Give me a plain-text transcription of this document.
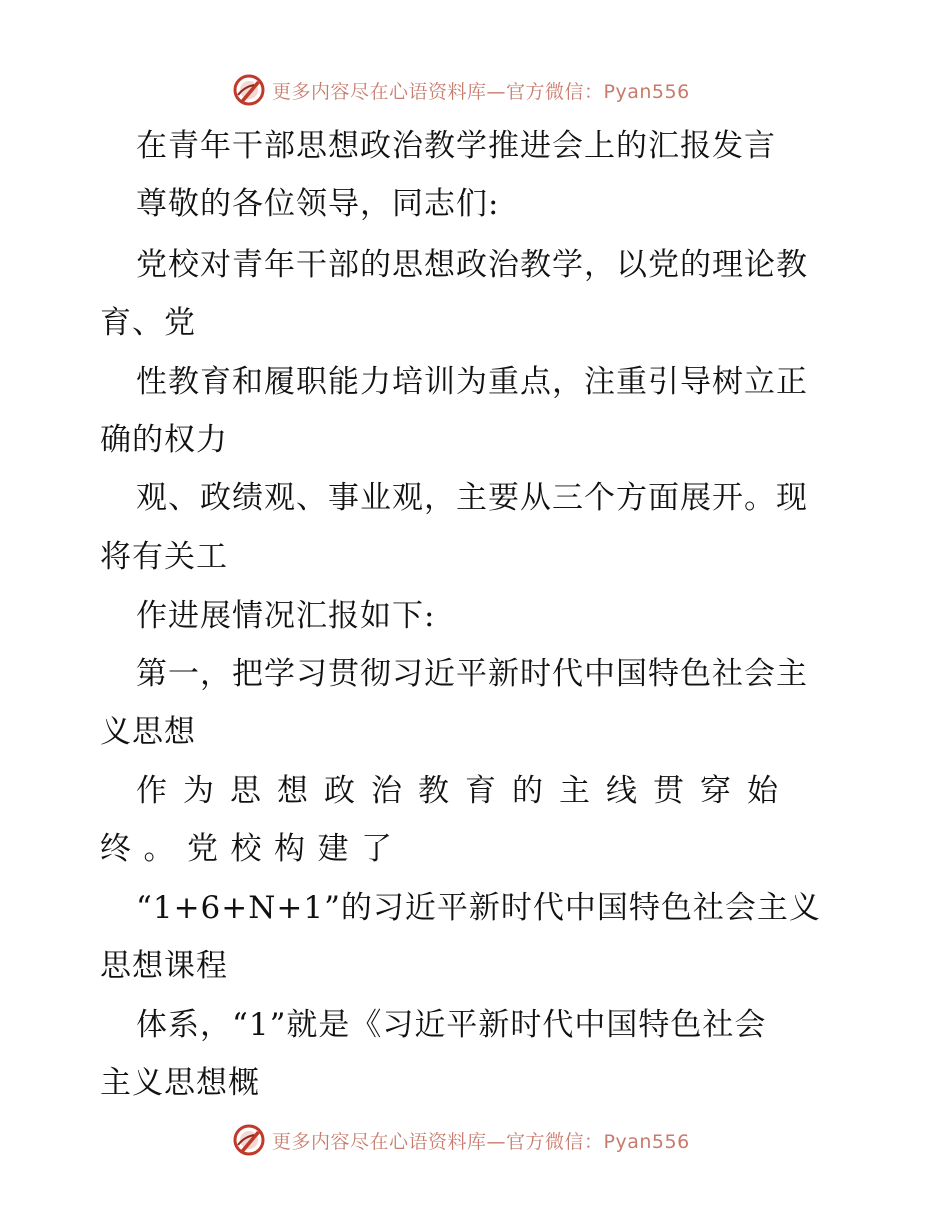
更多内容尽在心语资料库—官方微信：Pyan556
在青年干部思想政治教学推进会上的汇报发言
尊敬的各位领导，同志们:
党校对青年干部的思想政治教学，以党的理论教
育、党
性教育和履职能力培训为重点，注重引导树立正
确的权力
观、政绩观、事业观，主要从三个方面展开。现
将有关工
作进展情况汇报如下:
第一，把学习贯彻习近平新时代中国特色社会主
义思想
作为思想政治教育的主线贯穿始
终。党校构建了
“1+6+N+1”的习近平新时代中国特色社会主义
思想课程
体系，“1”就是《习近平新时代中国特色社会
主义思想概
更多内容尽在心语资料库—官方微信：Pyan556
